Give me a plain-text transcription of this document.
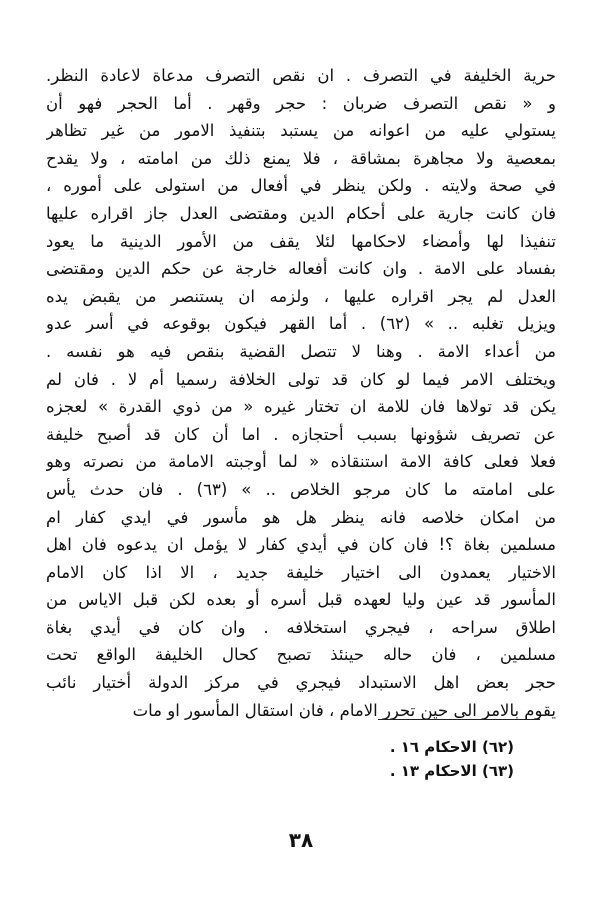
حرية الخليفة في التصرف . ان نقص التصرف مدعاة لاعادة النظر.
و « نقص التصرف ضربان : حجر وقهر . أما الحجر فهو أن
يستولي عليه من اعوانه من يستبد بتنفيذ الامور من غير تظاهر
بمعصية ولا مجاهرة بمشاقة ، فلا يمنع ذلك من امامته ، ولا يقدح
في صحة ولايته . ولكن ينظر في أفعال من استولى على أموره ،
فان كانت جارية على أحكام الدين ومقتضى العدل جاز اقراره عليها
تنفيذا لها وأمضاء لاحكامها لئلا يقف من الأمور الدينية ما يعود
بفساد على الامة . وان كانت أفعاله خارجة عن حكم الدين ومقتضى
العدل لم يجر اقراره عليها ، ولزمه ان يستنصر من يقبض يده
ويزيل تغلبه .. » (٦٢) . أما القهر فيكون بوقوعه في أسر عدو
من أعداء الامة . وهنا لا تتصل القضية بنقص فيه هو نفسه .
ويختلف الامر فيما لو كان قد تولى الخلافة رسميا أم لا . فان لم
يكن قد تولاها فان للامة ان تختار غيره « من ذوي القدرة » لعجزه
عن تصريف شؤونها بسبب أحتجازه . اما أن كان قد أصبح خليفة
فعلا فعلى كافة الامة استنقاذه « لما أوجبته الامامة من نصرته وهو
على امامته ما كان مرجو الخلاص .. » (٦٣) . فان حدث يأس
من امكان خلاصه فانه ينظر هل هو مأسور في ايدي كفار ام
مسلمين بغاة ؟! فان كان في أيدي كفار لا يؤمل ان يدعوه فان اهل
الاختيار يعمدون الى اختيار خليفة جديد ، الا اذا كان الامام
المأسور قد عين وليا لعهده قبل أسره أو بعده لكن قبل الاياس من
اطلاق سراحه ، فيجري استخلافه . وان كان في أيدي بغاة
مسلمين ، فان حاله حينئذ تصبح كحال الخليفة الواقع تحت
حجر بعض اهل الاستبداد فيجري في مركز الدولة أختيار نائب
يقوم بالامر الى حين تحرر الامام ، فان استقال المأسور او مات
(٦٢) الاحكام ١٦ .
(٦٣) الاحكام ١٣ .
٣٨
